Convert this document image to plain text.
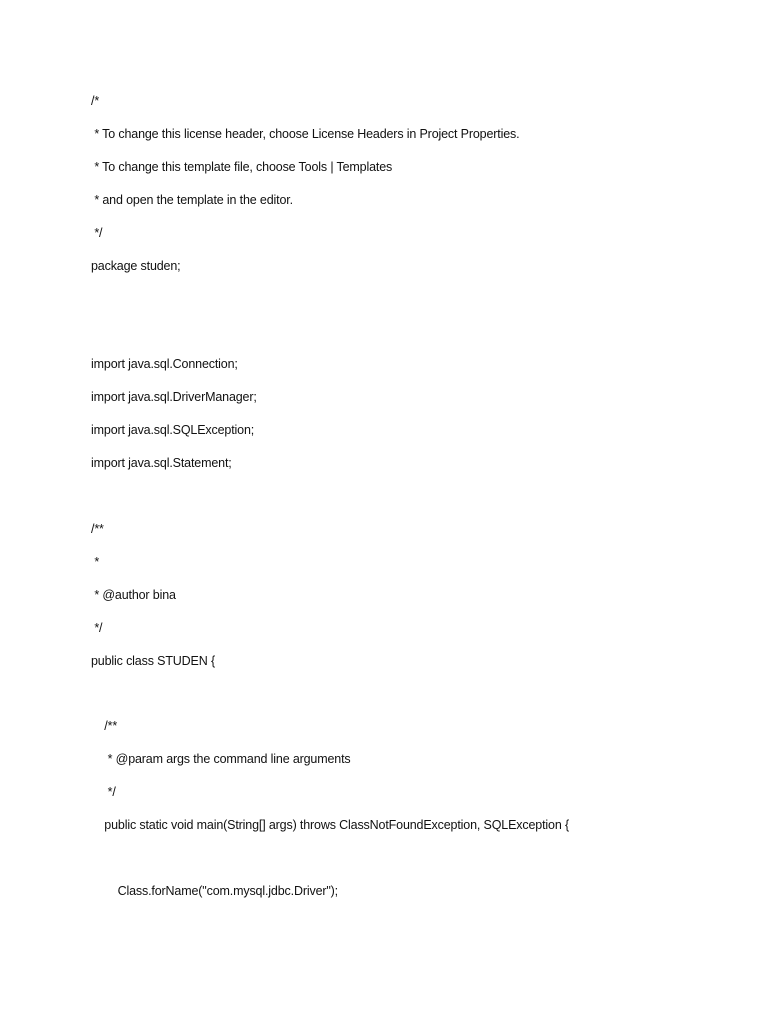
/*
* To change this license header, choose License Headers in Project Properties.
* To change this template file, choose Tools | Templates
* and open the template in the editor.
*/
package studen;
import java.sql.Connection;
import java.sql.DriverManager;
import java.sql.SQLException;
import java.sql.Statement;
/**
*
* @author bina
*/
public class STUDEN {
/**
* @param args the command line arguments
*/
public static void main(String[] args) throws ClassNotFoundException, SQLException {
Class.forName("com.mysql.jdbc.Driver");
